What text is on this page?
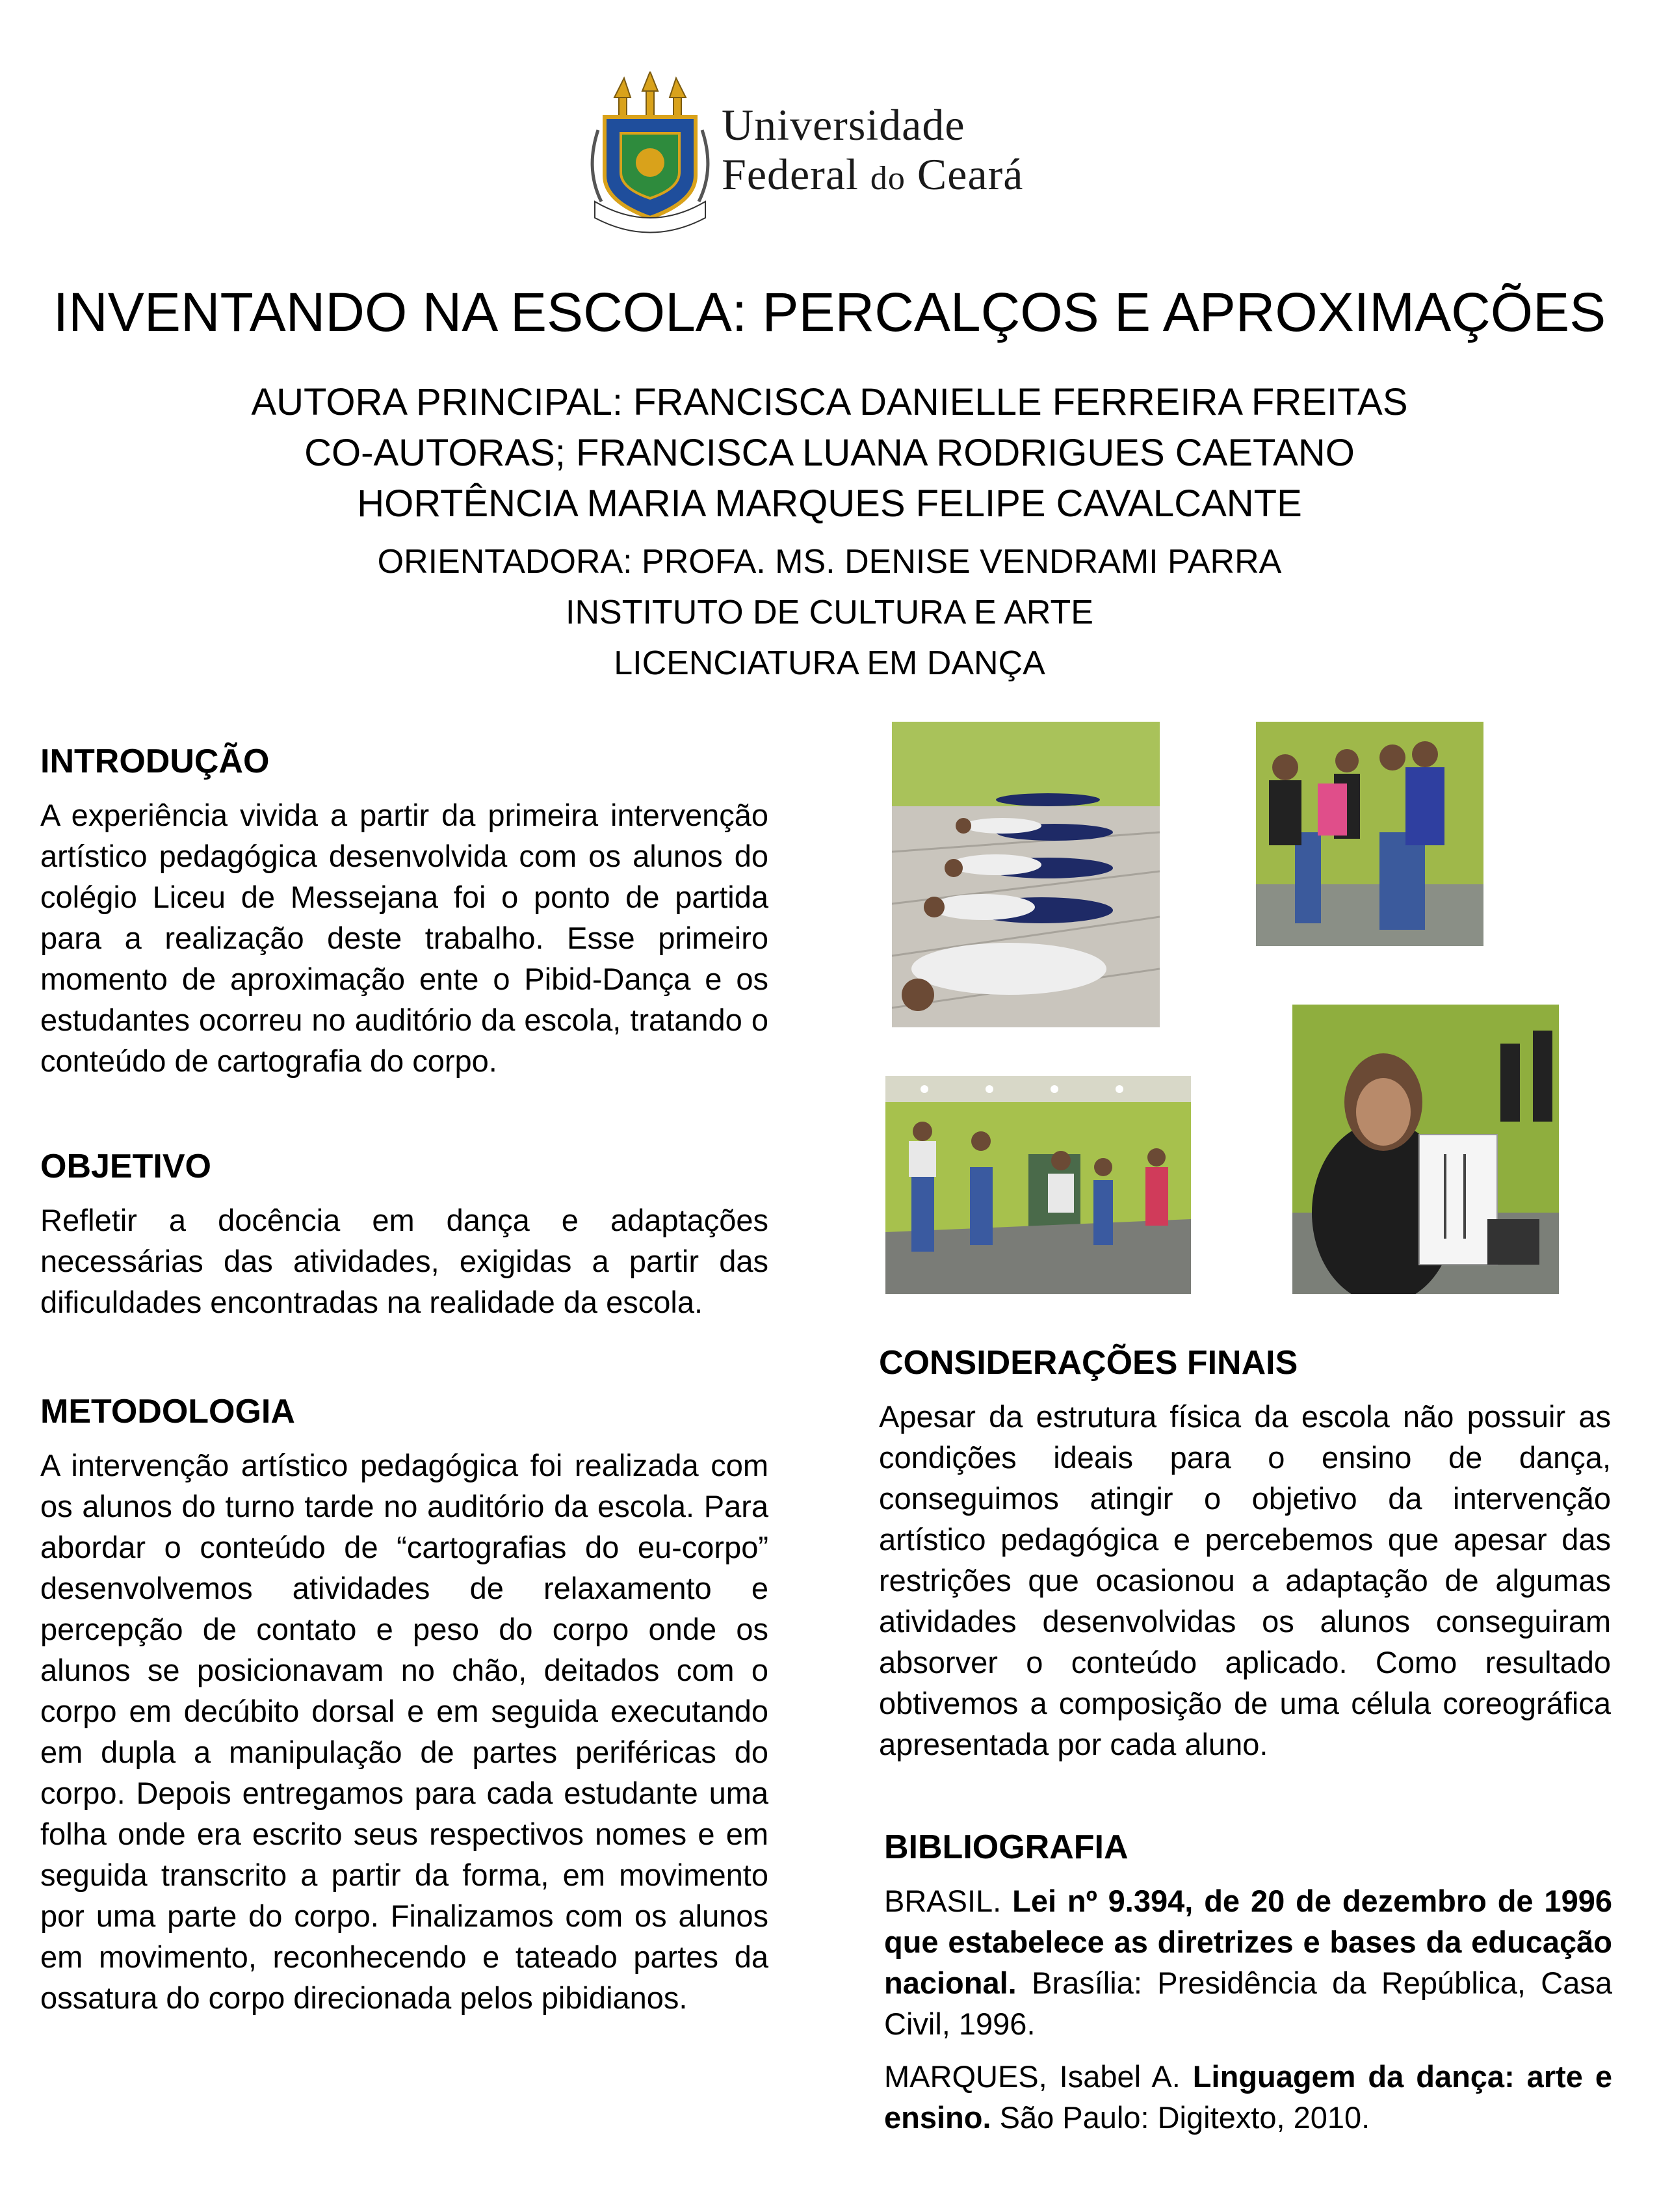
Universidade
Federal do Ceará
INVENTANDO NA ESCOLA: PERCALÇOS E APROXIMAÇÕES
AUTORA PRINCIPAL: FRANCISCA DANIELLE FERREIRA FREITAS
CO-AUTORAS; FRANCISCA LUANA RODRIGUES CAETANO
HORTÊNCIA MARIA MARQUES FELIPE CAVALCANTE
ORIENTADORA: PROFA. MS. DENISE VENDRAMI PARRA
INSTITUTO DE CULTURA E ARTE
LICENCIATURA EM DANÇA
INTRODUÇÃO

A experiência vivida a partir da primeira intervenção artístico pedagógica desenvolvida com os alunos do colégio Liceu de Messejana foi o ponto de partida para a realização deste trabalho. Esse primeiro momento de aproximação ente o Pibid-Dança e os estudantes ocorreu no auditório da escola, tratando o conteúdo de cartografia do corpo.

OBJETIVO

Refletir a docência em dança e adaptações necessárias das atividades, exigidas a partir das dificuldades encontradas na realidade da escola.

METODOLOGIA

A intervenção artístico pedagógica foi realizada com os alunos do turno tarde no auditório da escola. Para abordar o conteúdo de “cartografias do eu-corpo” desenvolvemos atividades de relaxamento e percepção de contato e peso do corpo onde os alunos se posicionavam no chão, deitados com o corpo em decúbito dorsal e em seguida executando em dupla a manipulação de partes periféricas do corpo. Depois entregamos para cada estudante uma folha onde era escrito seus respectivos nomes e em seguida transcrito a partir da forma, em movimento por uma parte do corpo. Finalizamos com os alunos em movimento, reconhecendo e tateado partes da ossatura do corpo direcionada pelos pibidianos.

CONSIDERAÇÕES FINAIS

Apesar da estrutura física da escola não possuir as condições ideais para o ensino de dança, conseguimos atingir o objetivo da intervenção artístico pedagógica e percebemos que apesar das restrições que ocasionou a adaptação de algumas atividades desenvolvidas os alunos conseguiram absorver o conteúdo aplicado. Como resultado obtivemos a composição de uma célula coreográfica apresentada por cada aluno.

BIBLIOGRAFIA

BRASIL. Lei nº 9.394, de 20 de dezembro de 1996 que estabelece as diretrizes e bases da educação nacional. Brasília: Presidência da República, Casa Civil, 1996.

MARQUES, Isabel A. Linguagem da dança: arte e ensino. São Paulo: Digitexto, 2010.
